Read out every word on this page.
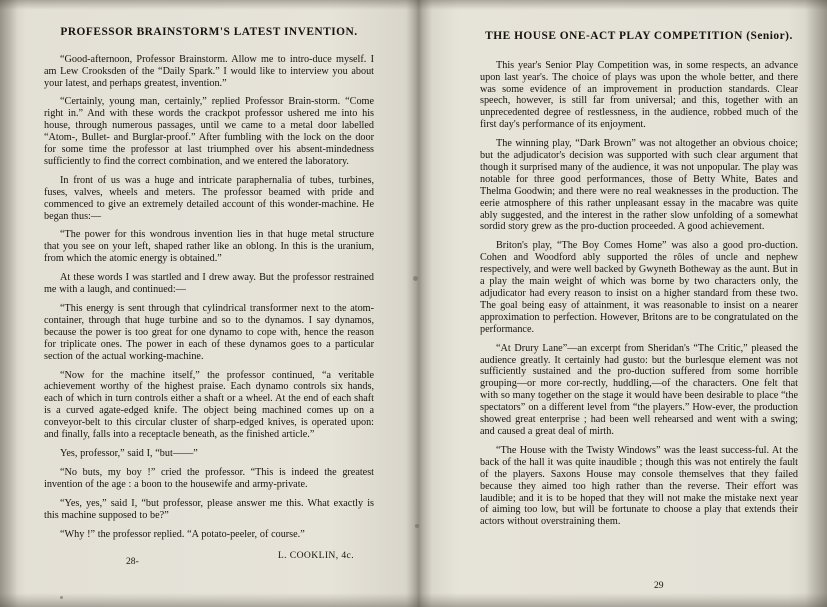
PROFESSOR BRAINSTORM'S LATEST INVENTION.

“Good-afternoon, Professor Brainstorm. Allow me to intro-duce myself. I am Lew Crooksden of the “Daily Spark.” I would like to interview you about your latest, and perhaps greatest, invention.”

“Certainly, young man, certainly,” replied Professor Brain-storm. “Come right in.” And with these words the crackpot professor ushered me into his house, through numerous passages, until we came to a metal door labelled “Atom-, Bullet- and Burglar-proof.” After fumbling with the lock on the door for some time the professor at last triumphed over his absent-mindedness sufficiently to find the correct combination, and we entered the laboratory.

In front of us was a huge and intricate paraphernalia of tubes, turbines, fuses, valves, wheels and meters. The professor beamed with pride and commenced to give an extremely detailed account of this wonder-machine. He began thus:—

“The power for this wondrous invention lies in that huge metal structure that you see on your left, shaped rather like an oblong. In this is the uranium, from which the atomic energy is obtained.”

At these words I was startled and I drew away. But the professor restrained me with a laugh, and continued:—

“This energy is sent through that cylindrical transformer next to the atom-container, through that huge turbine and so to the dynamos. I say dynamos, because the power is too great for one dynamo to cope with, hence the reason for triplicate ones. The power in each of these dynamos goes to a particular section of the actual working-machine.

“Now for the machine itself,” the professor continued, “a veritable achievement worthy of the highest praise. Each dynamo controls six hands, each of which in turn controls either a shaft or a wheel. At the end of each shaft is a curved agate-edged knife. The object being machined comes up on a conveyor-belt to this circular cluster of sharp-edged knives, is operated upon: and finally, falls into a receptacle beneath, as the finished article.”

Yes, professor,” said I, “but——”

“No buts, my boy !” cried the professor. “This is indeed the greatest invention of the age : a boon to the housewife and army-private.

“Yes, yes,” said I, “but professor, please answer me this. What exactly is this machine supposed to be?”

“Why !” the professor replied. “A potato-peeler, of course.”

L. COOKLIN, 4c.
THE HOUSE ONE-ACT PLAY COMPETITION (Senior).

This year's Senior Play Competition was, in some respects, an advance upon last year's. The choice of plays was upon the whole better, and there was some evidence of an improvement in production standards. Clear speech, however, is still far from universal; and this, together with an unprecedented degree of restlessness, in the audience, robbed much of the first day's performance of its enjoyment.

The winning play, “Dark Brown” was not altogether an obvious choice; but the adjudicator's decision was supported with such clear argument that though it surprised many of the audience, it was not unpopular. The play was notable for three good performances, those of Betty White, Bates and Thelma Goodwin; and there were no real weaknesses in the production. The eerie atmosphere of this rather unpleasant essay in the macabre was quite ably suggested, and the interest in the rather slow unfolding of a somewhat sordid story grew as the pro-duction proceeded. A good achievement.

Briton's play, “The Boy Comes Home” was also a good pro-duction. Cohen and Woodford ably supported the rôles of uncle and nephew respectively, and were well backed by Gwyneth Botheway as the aunt. But in a play the main weight of which was borne by two characters only, the adjudicator had every reason to insist on a higher standard from these two. The goal being easy of attainment, it was reasonable to insist on a nearer approximation to perfection. However, Britons are to be congratulated on the performance.

“At Drury Lane”—an excerpt from Sheridan's “The Critic,” pleased the audience greatly. It certainly had gusto: but the burlesque element was not sufficiently sustained and the pro-duction suffered from some horrible grouping—or more cor-rectly, huddling,—of the characters. One felt that with so many together on the stage it would have been desirable to place “the spectators” on a different level from “the players.” How-ever, the production showed great enterprise ; had been well rehearsed and went with a swing; and caused a great deal of mirth.

“The House with the Twisty Windows” was the least success-ful. At the back of the hall it was quite inaudible ; though this was not entirely the fault of the players. Saxons House may console themselves that they failed because they aimed too high rather than the reverse. Their effort was laudible; and it is to be hoped that they will not make the mistake next year of aiming too low, but will be fortunate to choose a play that extends their actors without overstraining them.

28-
29
